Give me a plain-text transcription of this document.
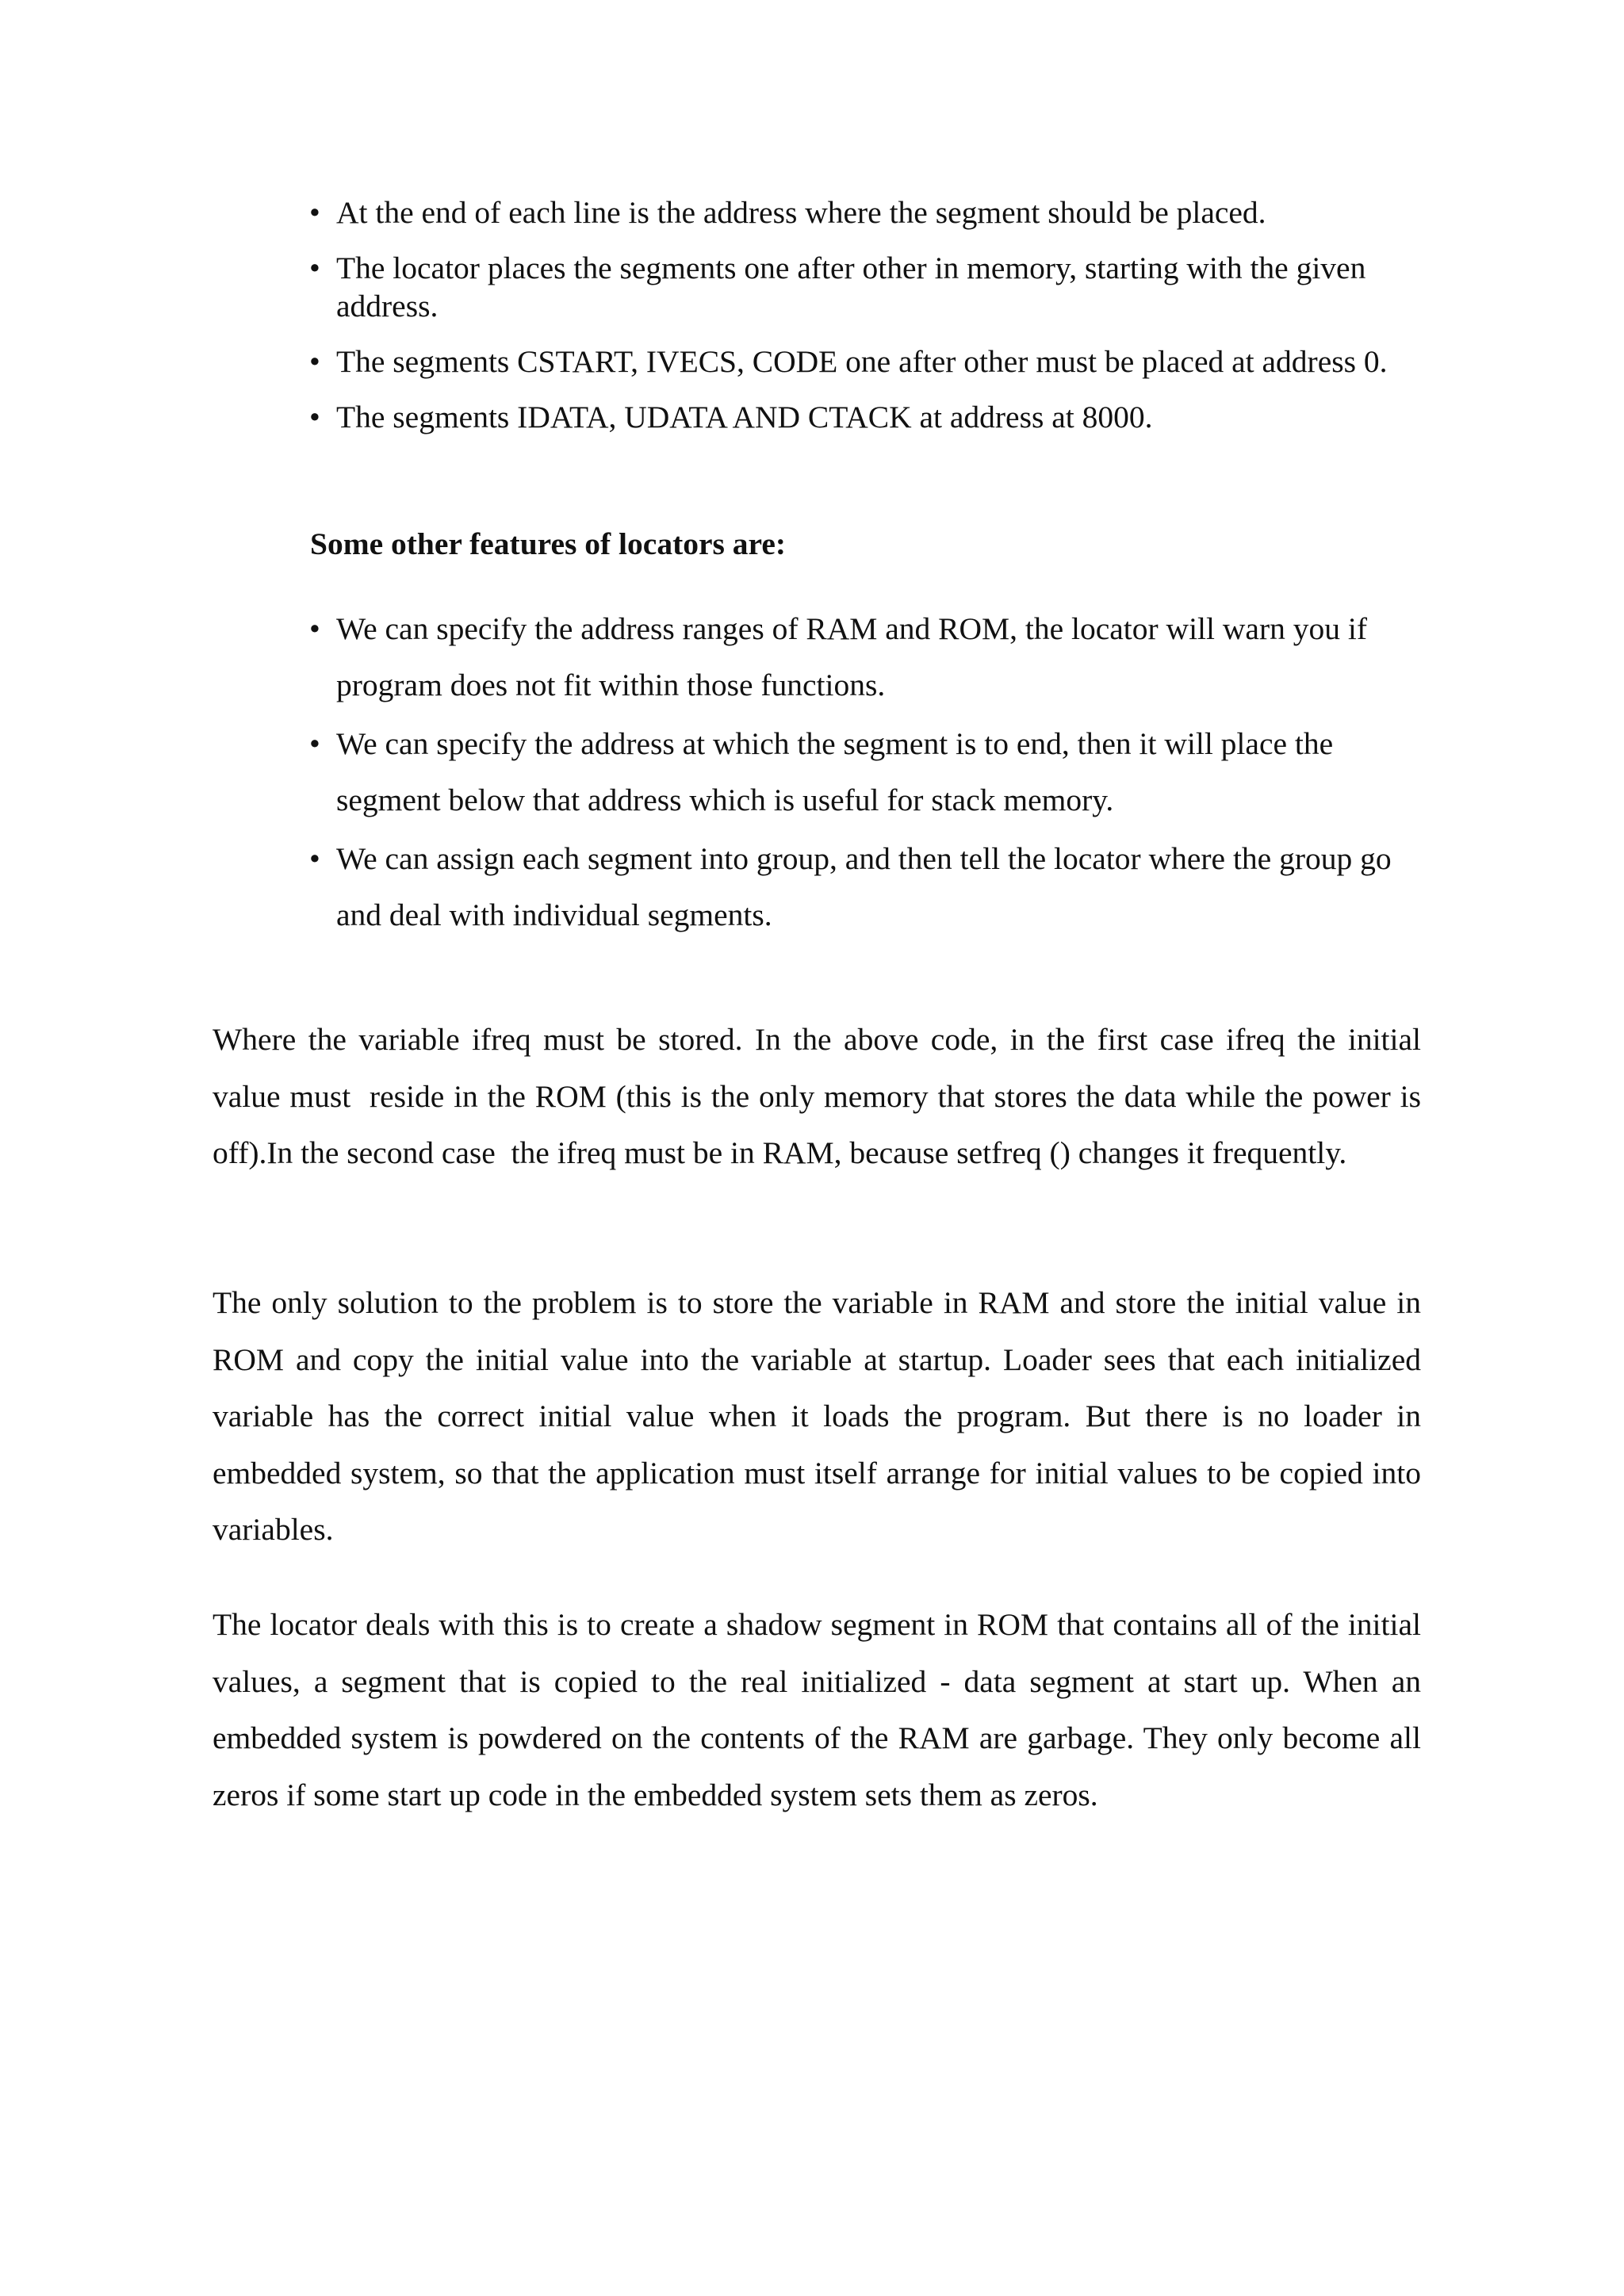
• At the end of each line is the address where the segment should be placed.
• The locator places the segments one after other in memory, starting with the given address.
• The segments CSTART, IVECS, CODE one after other must be placed at address 0.
• The segments IDATA, UDATA AND CTACK at address at 8000.

Some other features of locators are:

• We can specify the address ranges of RAM and ROM, the locator will warn you if program does not fit within those functions.
• We can specify the address at which the segment is to end, then it will place the segment below that address which is useful for stack memory.
• We can assign each segment into group, and then tell the locator where the group go and deal with individual segments.

Where the variable ifreq must be stored. In the above code, in the first case ifreq the initial value must  reside in the ROM (this is the only memory that stores the data while the power is off).In the second case  the ifreq must be in RAM, because setfreq () changes it frequently.

The only solution to the problem is to store the variable in RAM and store the initial value in ROM and copy the initial value into the variable at startup. Loader sees that each initialized variable has the correct initial value when it loads the program. But there is no loader in embedded system, so that the application must itself arrange for initial values to be copied into variables.

The locator deals with this is to create a shadow segment in ROM that contains all of the initial values, a segment that is copied to the real initialized - data segment at start up. When an embedded system is powdered on the contents of the RAM are garbage. They only become all zeros if some start up code in the embedded system sets them as zeros.
